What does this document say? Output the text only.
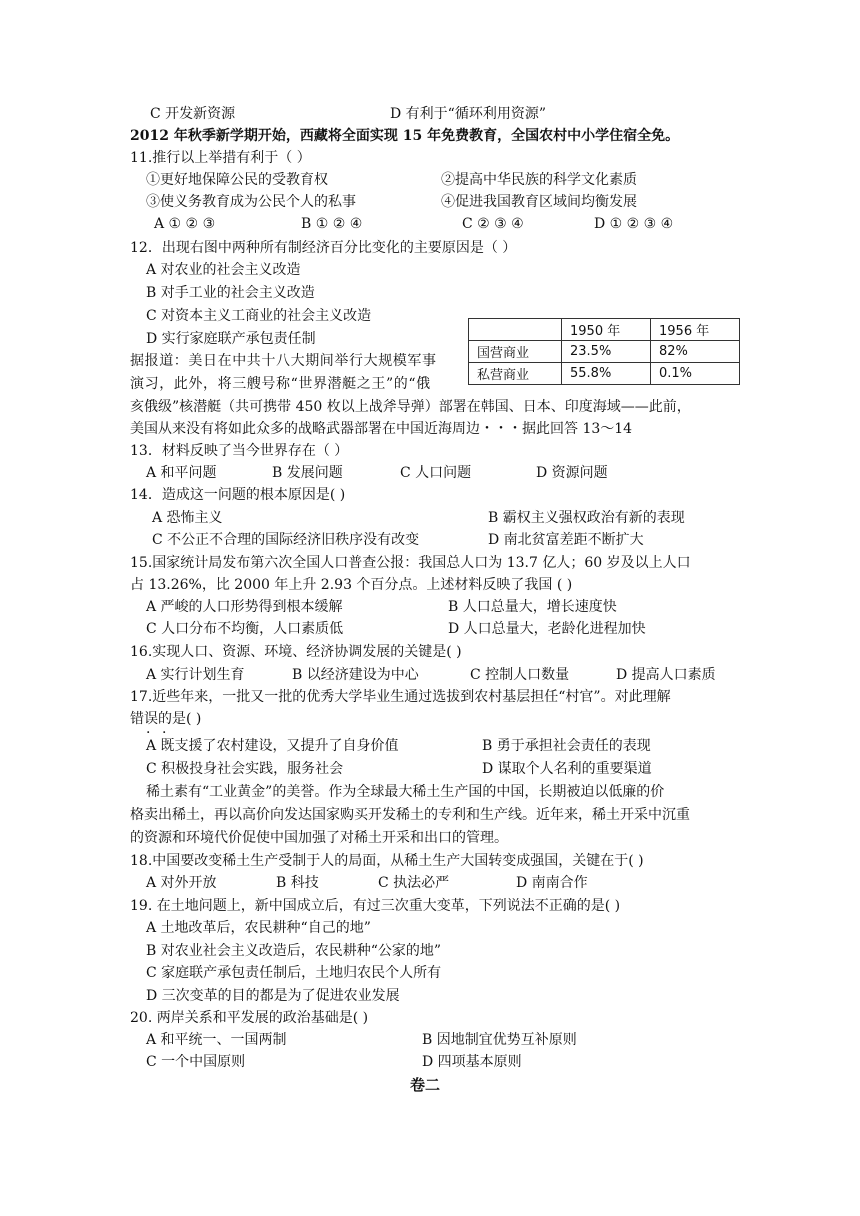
C 开发新资源	D 有利于“循环利用资源”
2012 年秋季新学期开始，西藏将全面实现 15 年免费教育，全国农村中小学住宿全免。
11.推行以上举措有利于（ ）
①更好地保障公民的受教育权	②提高中华民族的科学文化素质
③使义务教育成为公民个人的私事	④促进我国教育区域间均衡发展
A ① ② ③	B ① ② ④	C ② ③ ④	D ① ② ③ ④
12．出现右图中两种所有制经济百分比变化的主要原因是（ ）
A 对农业的社会主义改造
B 对手工业的社会主义改造
C 对资本主义工商业的社会主义改造
D 实行家庭联产承包责任制
		1950 年	1956 年
国营商业	23.5%	82%
私营商业	55.8%	0.1%
据报道：美日在中共十八大期间举行大规模军事
演习，此外，将三艘号称“世界潜艇之王”的“俄
亥俄级”核潜艇（共可携带 450 枚以上战斧导弹）部署在韩国、日本、印度海域——此前，
美国从来没有将如此众多的战略武器部署在中国近海周边・・・据此回答 13～14
13．材料反映了当今世界存在（ ）
A 和平问题	B 发展问题	C 人口问题	D 资源问题
14．造成这一问题的根本原因是( )
A 恐怖主义	B 霸权主义强权政治有新的表现
C 不公正不合理的国际经济旧秩序没有改变	D 南北贫富差距不断扩大
15.国家统计局发布第六次全国人口普查公报：我国总人口为 13.7 亿人；60 岁及以上人口
占 13.26%，比 2000 年上升 2.93 个百分点。上述材料反映了我国 ( )
A 严峻的人口形势得到根本缓解	B 人口总量大，增长速度快
C 人口分布不均衡，人口素质低	D 人口总量大，老龄化进程加快
16.实现人口、资源、环境、经济协调发展的关键是( )
A 实行计划生育	B 以经济建设为中心	C 控制人口数量	D 提高人口素质
17.近些年来，一批又一批的优秀大学毕业生通过选拔到农村基层担任“村官”。对此理解
错误的是( )
· ·
A 既支援了农村建设，又提升了自身价值	B 勇于承担社会责任的表现
C 积极投身社会实践，服务社会	D 谋取个人名利的重要渠道
稀土素有“工业黄金”的美誉。作为全球最大稀土生产国的中国，长期被迫以低廉的价
格卖出稀土，再以高价向发达国家购买开发稀土的专利和生产线。近年来，稀土开采中沉重
的资源和环境代价促使中国加强了对稀土开采和出口的管理。
18.中国要改变稀土生产受制于人的局面，从稀土生产大国转变成强国，关键在于( )
A 对外开放	B 科技	C 执法必严	D 南南合作
19. 在土地问题上，新中国成立后，有过三次重大变革，下列说法不正确的是( )
A 土地改革后，农民耕种“自己的地”
B 对农业社会主义改造后，农民耕种“公家的地”
C 家庭联产承包责任制后，土地归农民个人所有
D 三次变革的目的都是为了促进农业发展
20. 两岸关系和平发展的政治基础是( )
A 和平统一、一国两制	B 因地制宜优势互补原则
C 一个中国原则	D 四项基本原则
卷二
